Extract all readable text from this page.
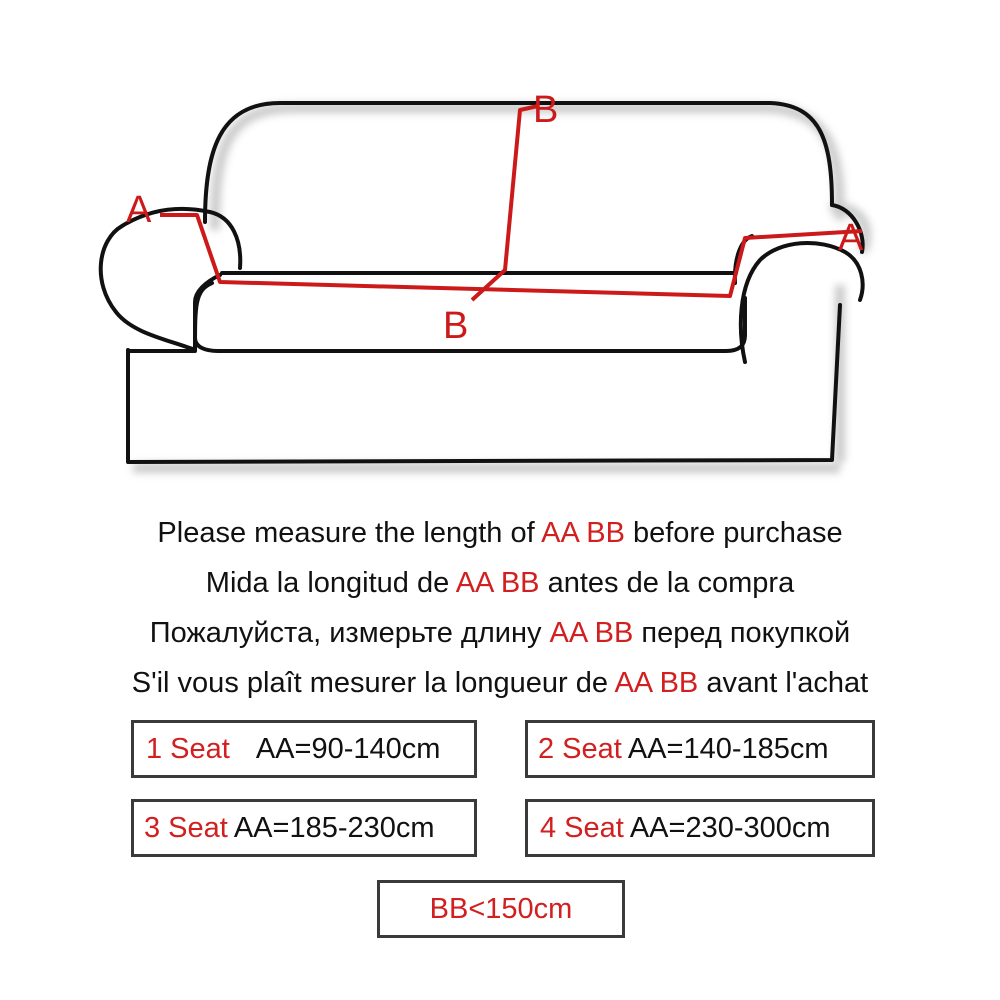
A
A
B
B
Please measure the length of AA BB before purchase
Mida la longitud de AA BB antes de la compra
Пожалуйста, измерьте длину AA BB перед покупкой
S'il vous plaît mesurer la longueur de AA BB avant l'achat
1 Seat AA=90-140cm	2 Seat AA=140-185cm
3 Seat AA=185-230cm	4 Seat AA=230-300cm
BB<150cm
